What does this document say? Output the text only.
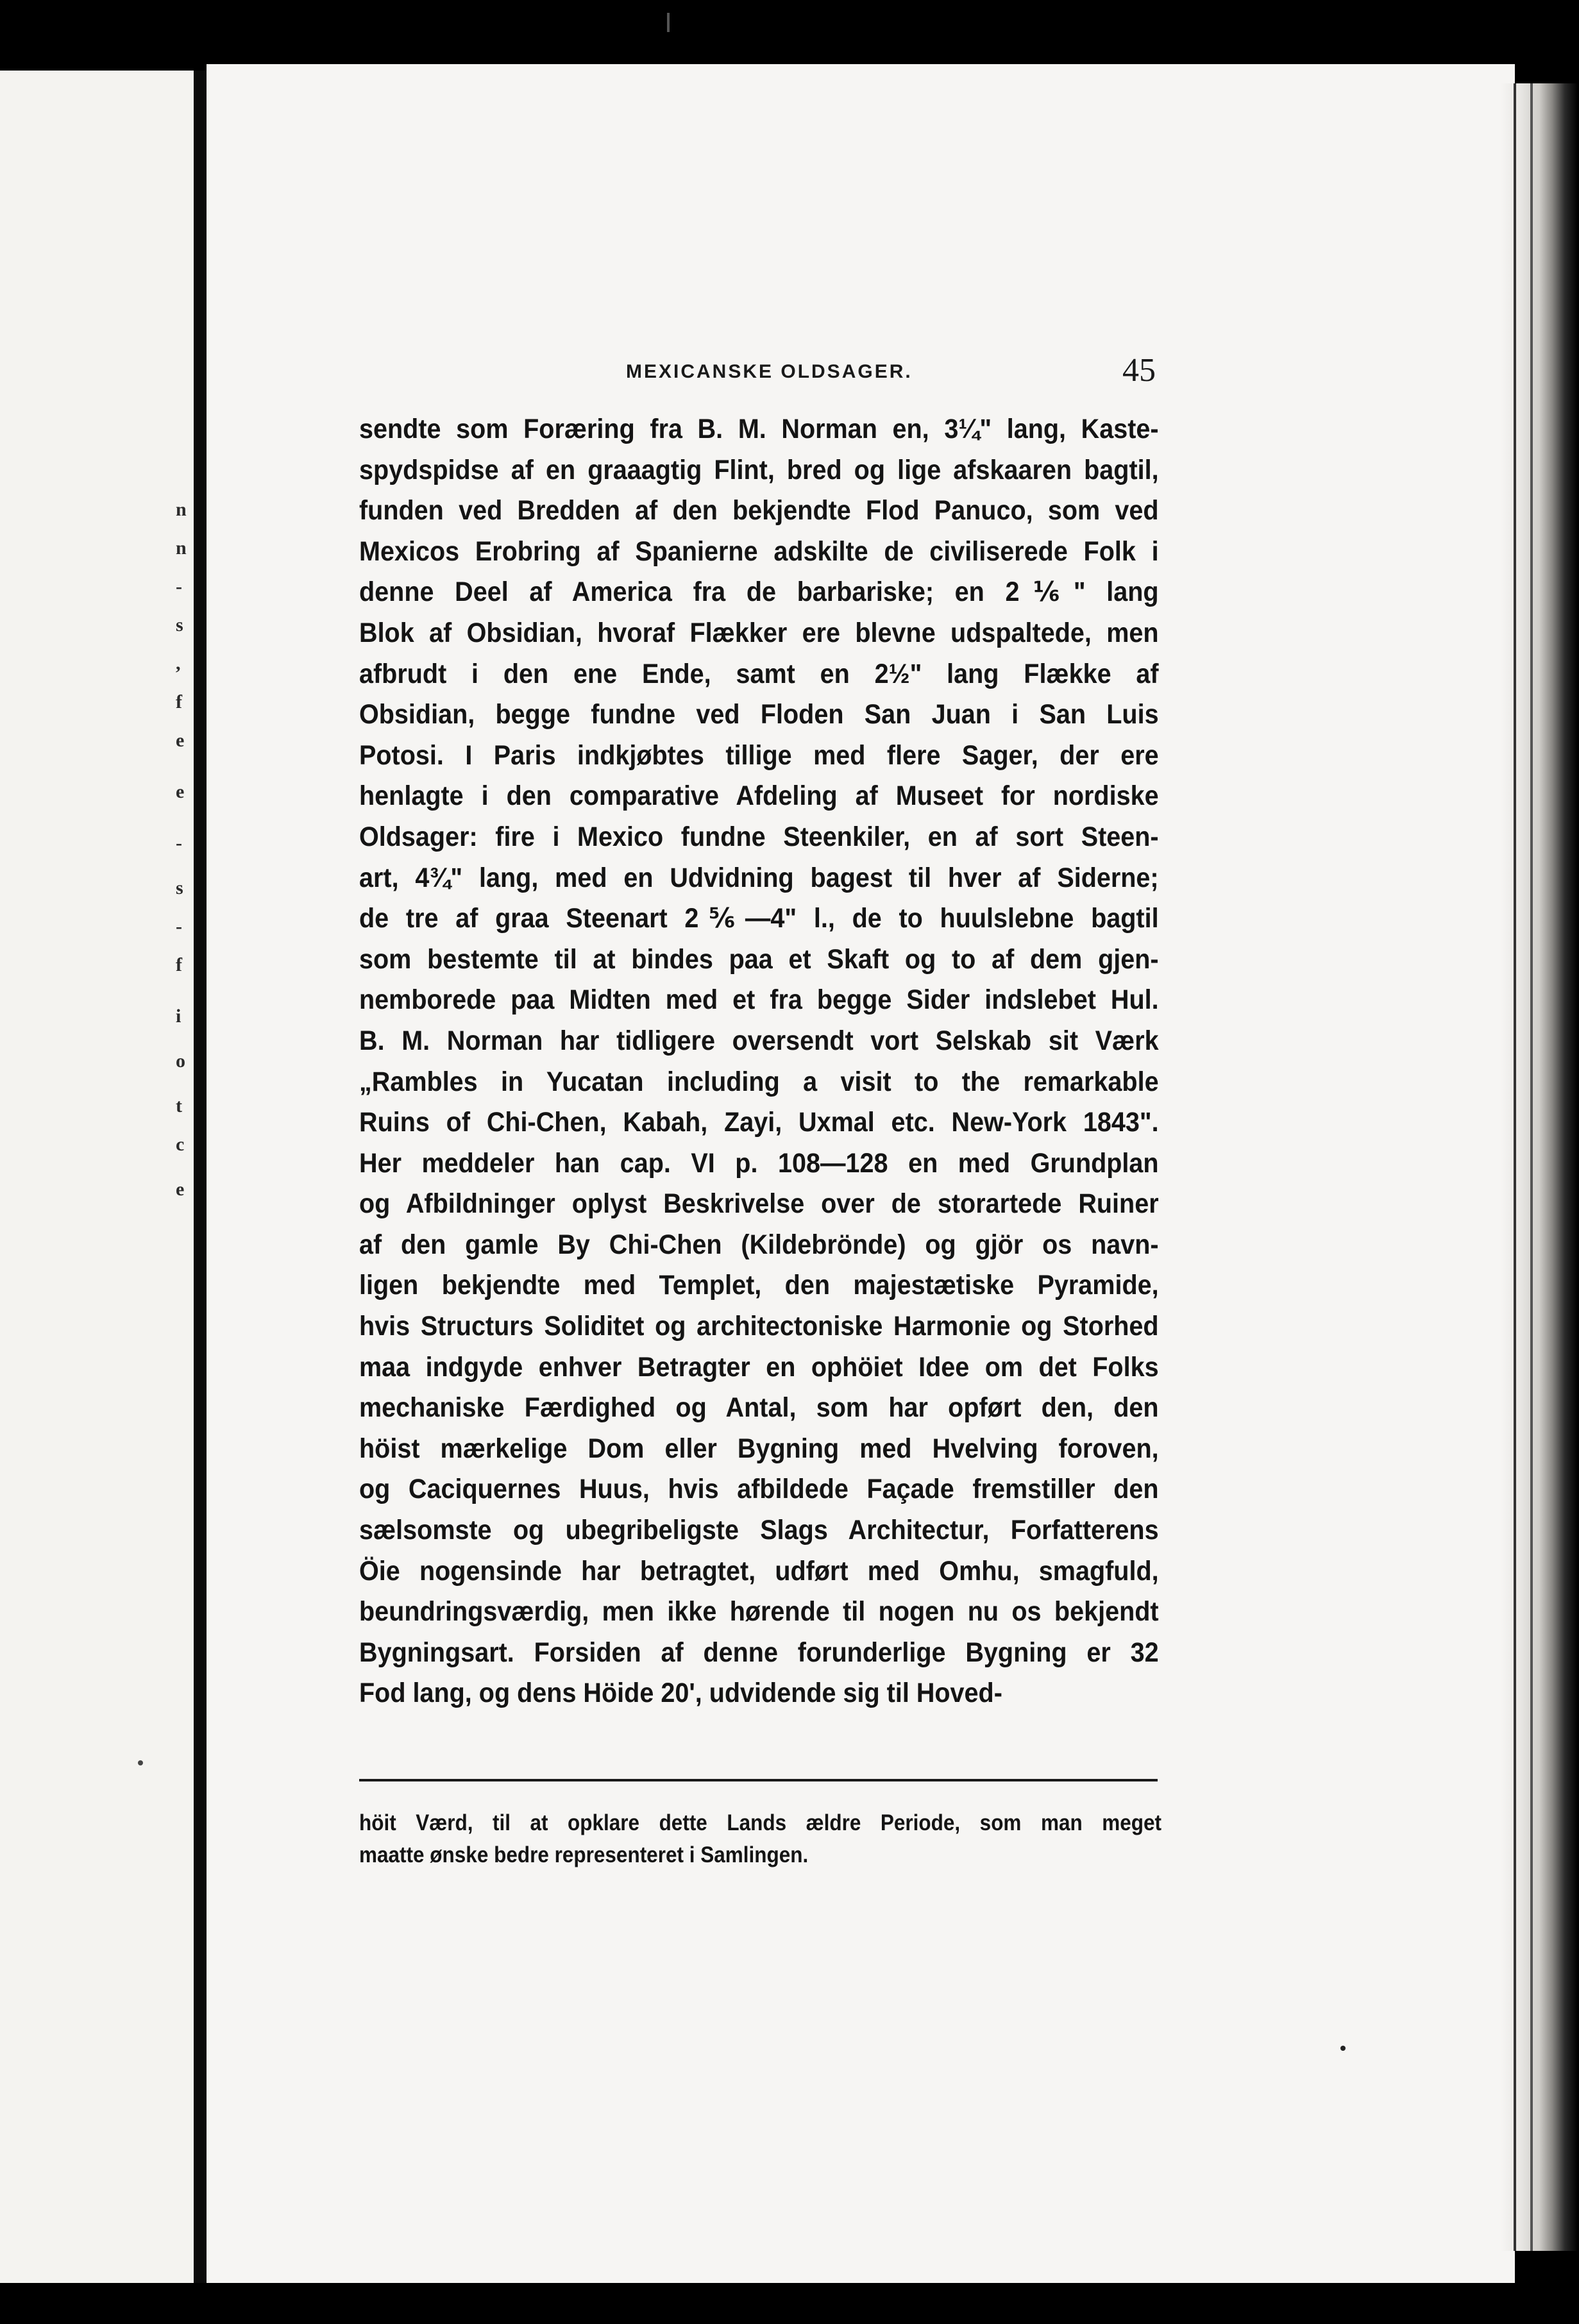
n
n
-
s
,
f
e
e
-
s
-
f
i
o
t
c
e
MEXICANSKE OLDSAGER.	45
sendte som Foræring fra B. M. Norman en, 3¼" lang, Kaste-
spydspidse af en graaagtig Flint, bred og lige afskaaren bagtil,
funden ved Bredden af den bekjendte Flod Panuco, som ved
Mexicos Erobring af Spanierne adskilte de civiliserede Folk i
denne Deel af America fra de barbariske; en 2⅙" lang
Blok af Obsidian, hvoraf Flækker ere blevne udspaltede, men
afbrudt i den ene Ende, samt en 2½" lang Flække af
Obsidian, begge fundne ved Floden San Juan i San Luis
Potosi. I Paris indkjøbtes tillige med flere Sager, der ere
henlagte i den comparative Afdeling af Museet for nordiske
Oldsager: fire i Mexico fundne Steenkiler, en af sort Steen-
art, 4¾" lang, med en Udvidning bagest til hver af Siderne;
de tre af graa Steenart 2⅚—4" l., de to huulslebne bagtil
som bestemte til at bindes paa et Skaft og to af dem gjen-
nemborede paa Midten med et fra begge Sider indslebet Hul.
B. M. Norman har tidligere oversendt vort Selskab sit Værk
„Rambles in Yucatan including a visit to the remarkable
Ruins of Chi-Chen, Kabah, Zayi, Uxmal etc. New-York 1843".
Her meddeler han cap. VI p. 108—128 en med Grundplan
og Afbildninger oplyst Beskrivelse over de storartede Ruiner
af den gamle By Chi-Chen (Kildebrönde) og gjör os navn-
ligen bekjendte med Templet, den majestætiske Pyramide,
hvis Structurs Soliditet og architectoniske Harmonie og Storhed
maa indgyde enhver Betragter en ophöiet Idee om det Folks
mechaniske Færdighed og Antal, som har opført den, den
höist mærkelige Dom eller Bygning med Hvelving foroven,
og Caciquernes Huus, hvis afbildede Façade fremstiller den
sælsomste og ubegribeligste Slags Architectur, Forfatterens
Öie nogensinde har betragtet, udført med Omhu, smagfuld,
beundringsværdig, men ikke hørende til nogen nu os bekjendt
Bygningsart. Forsiden af denne forunderlige Bygning er 32
Fod lang, og dens Höide 20', udvidende sig til Hoved-
höit Værd, til at opklare dette Lands ældre Periode, som man meget
maatte ønske bedre representeret i Samlingen.
